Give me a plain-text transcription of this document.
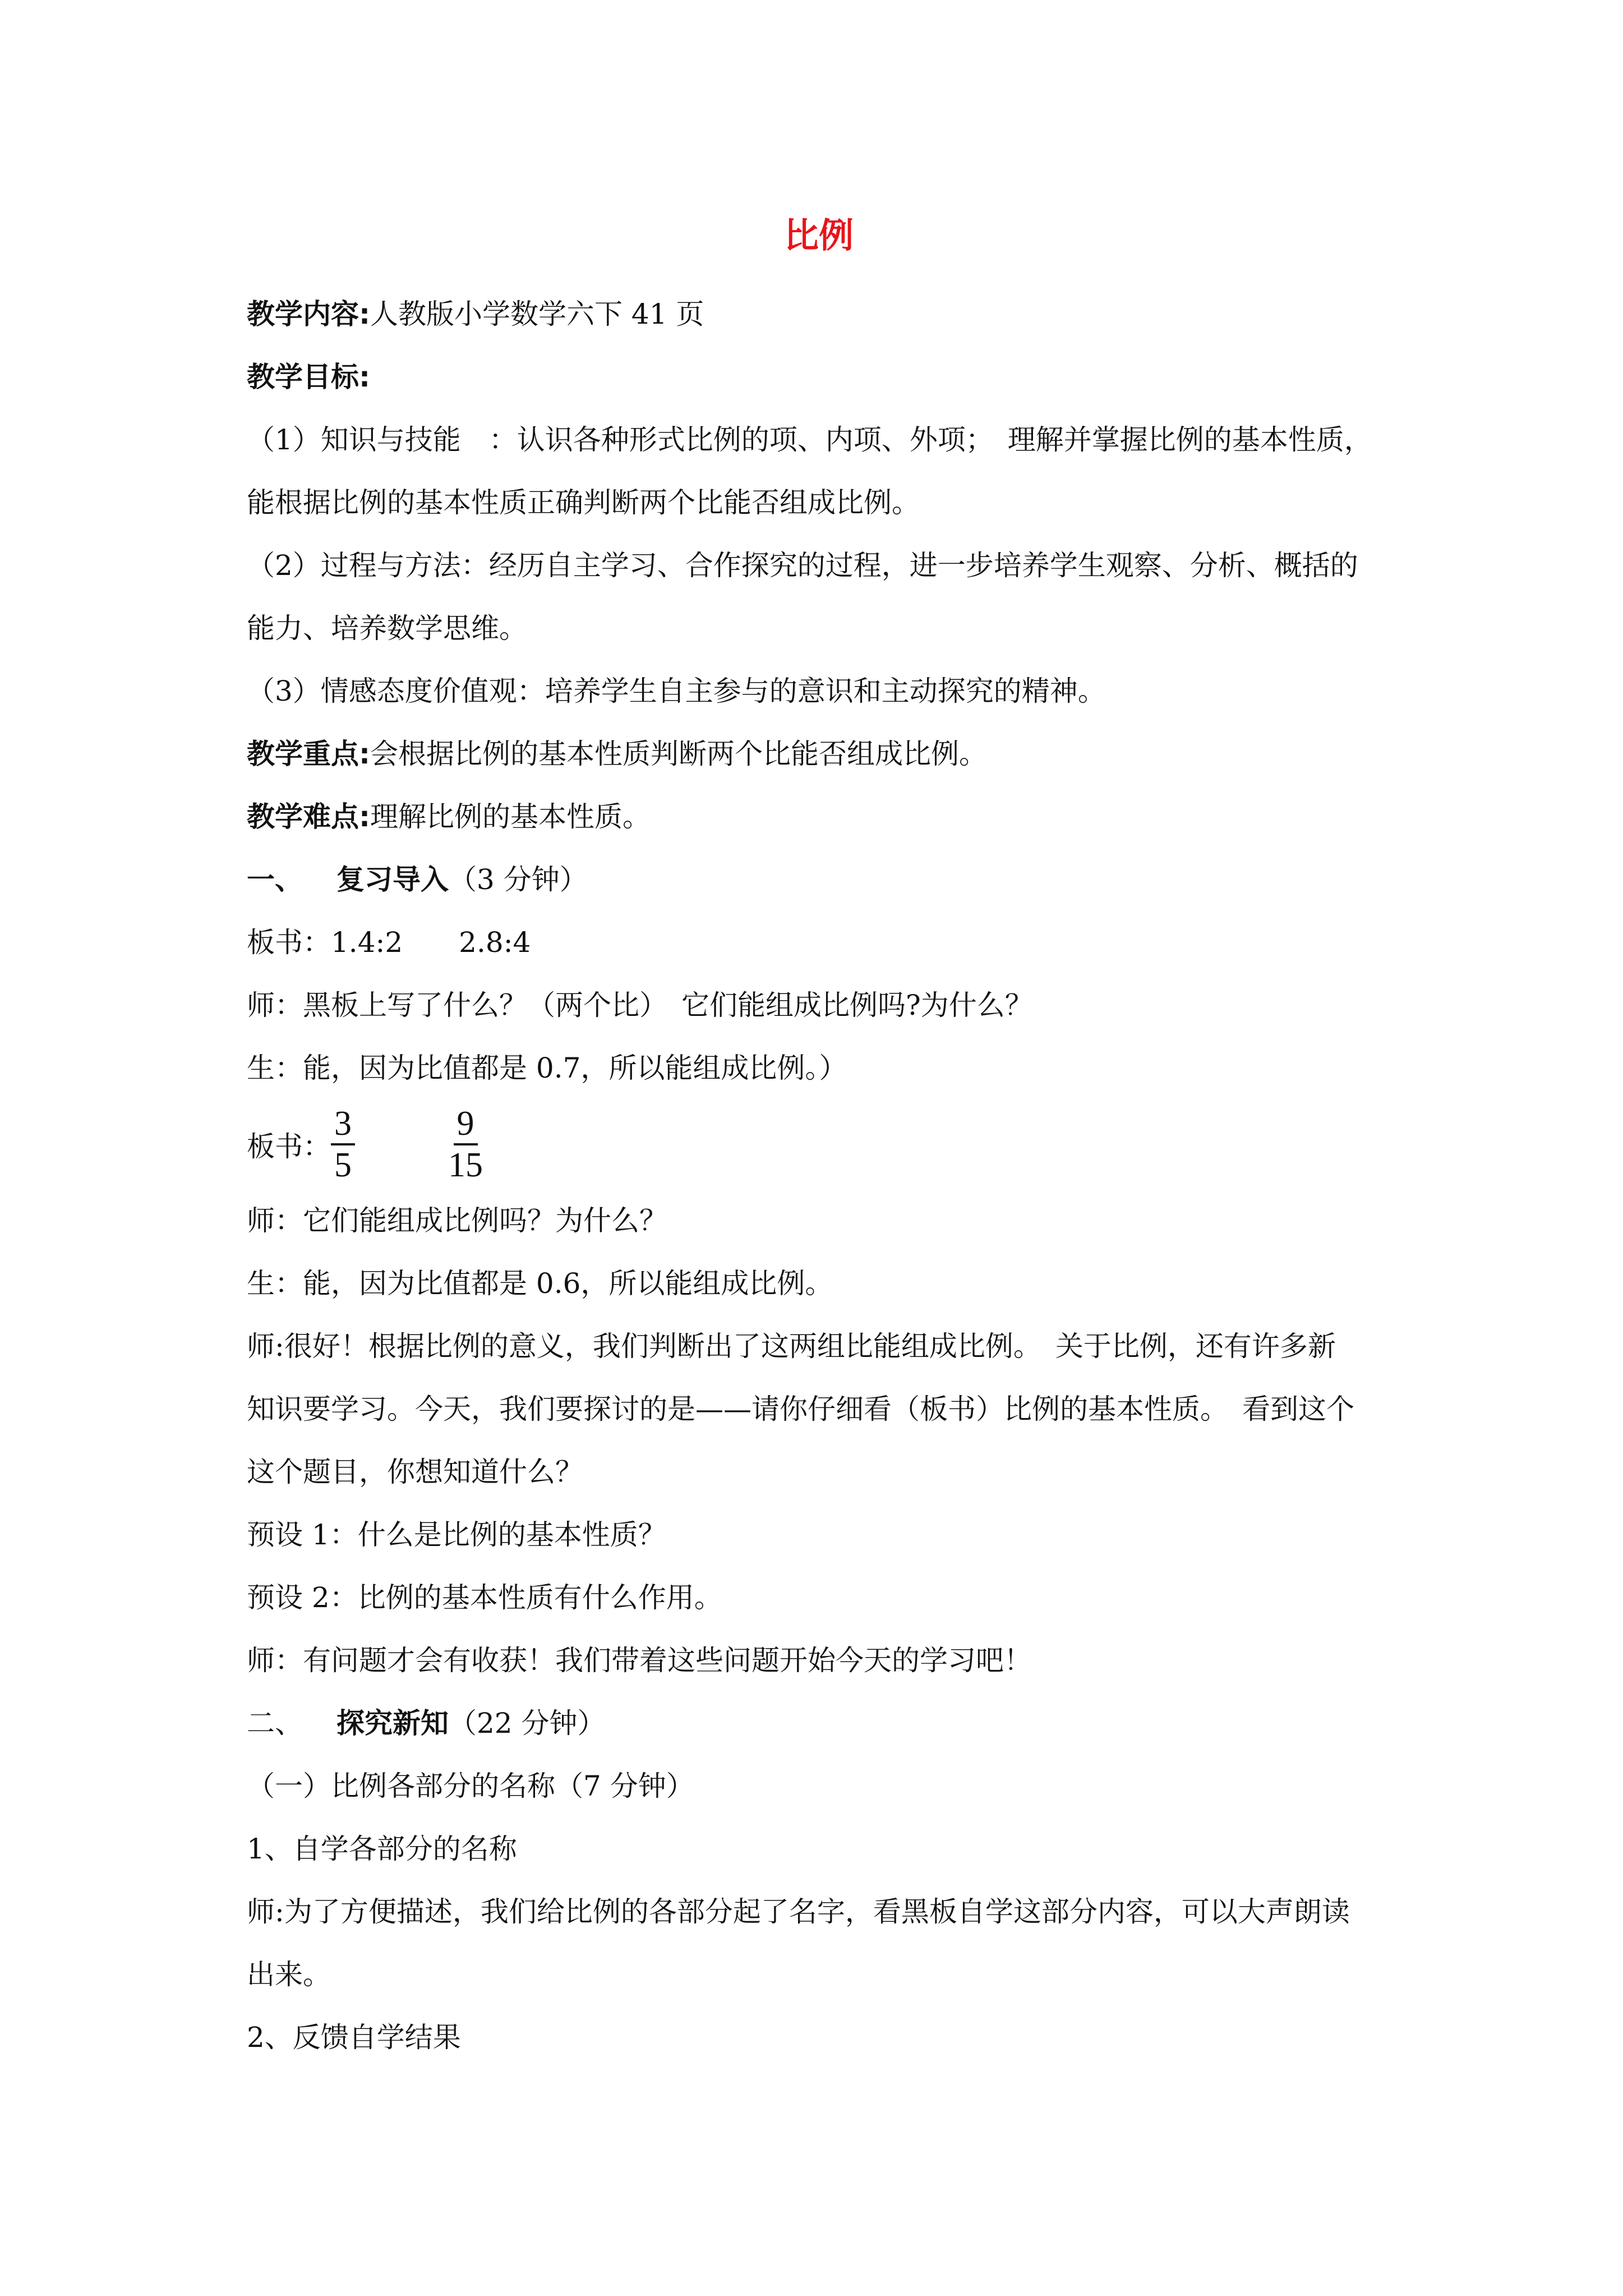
比例

教学内容:人教版小学数学六下 41 页

教学目标:

（1）知识与技能　：认识各种形式比例的项、内项、外项；　理解并掌握比例的基本性质，

能根据比例的基本性质正确判断两个比能否组成比例。

（2）过程与方法：经历自主学习、合作探究的过程，进一步培养学生观察、分析、概括的

能力、培养数学思维。

（3）情感态度价值观：培养学生自主参与的意识和主动探究的精神。

教学重点:会根据比例的基本性质判断两个比能否组成比例。

教学难点:理解比例的基本性质。

一、 复习导入（3 分钟）

板书：1.4:2　　2.8:4

师：黑板上写了什么？（两个比）　它们能组成比例吗?为什么？

生：能，因为比值都是 0.7，所以能组成比例。）

板书： $\frac{3}{5}$	$\frac{9}{15}$

师：它们能组成比例吗？为什么？

生：能，因为比值都是 0.6，所以能组成比例。

师:很好！根据比例的意义，我们判断出了这两组比能组成比例。　关于比例，还有许多新

知识要学习。今天，我们要探讨的是——请你仔细看（板书）比例的基本性质。　看到这个

这个题目，你想知道什么？

预设 1：什么是比例的基本性质？

预设 2：比例的基本性质有什么作用。

师：有问题才会有收获！我们带着这些问题开始今天的学习吧！

二、 探究新知（22 分钟）

（一）比例各部分的名称（7 分钟）

1、自学各部分的名称

师:为了方便描述，我们给比例的各部分起了名字，看黑板自学这部分内容，可以大声朗读

出来。

2、反馈自学结果
